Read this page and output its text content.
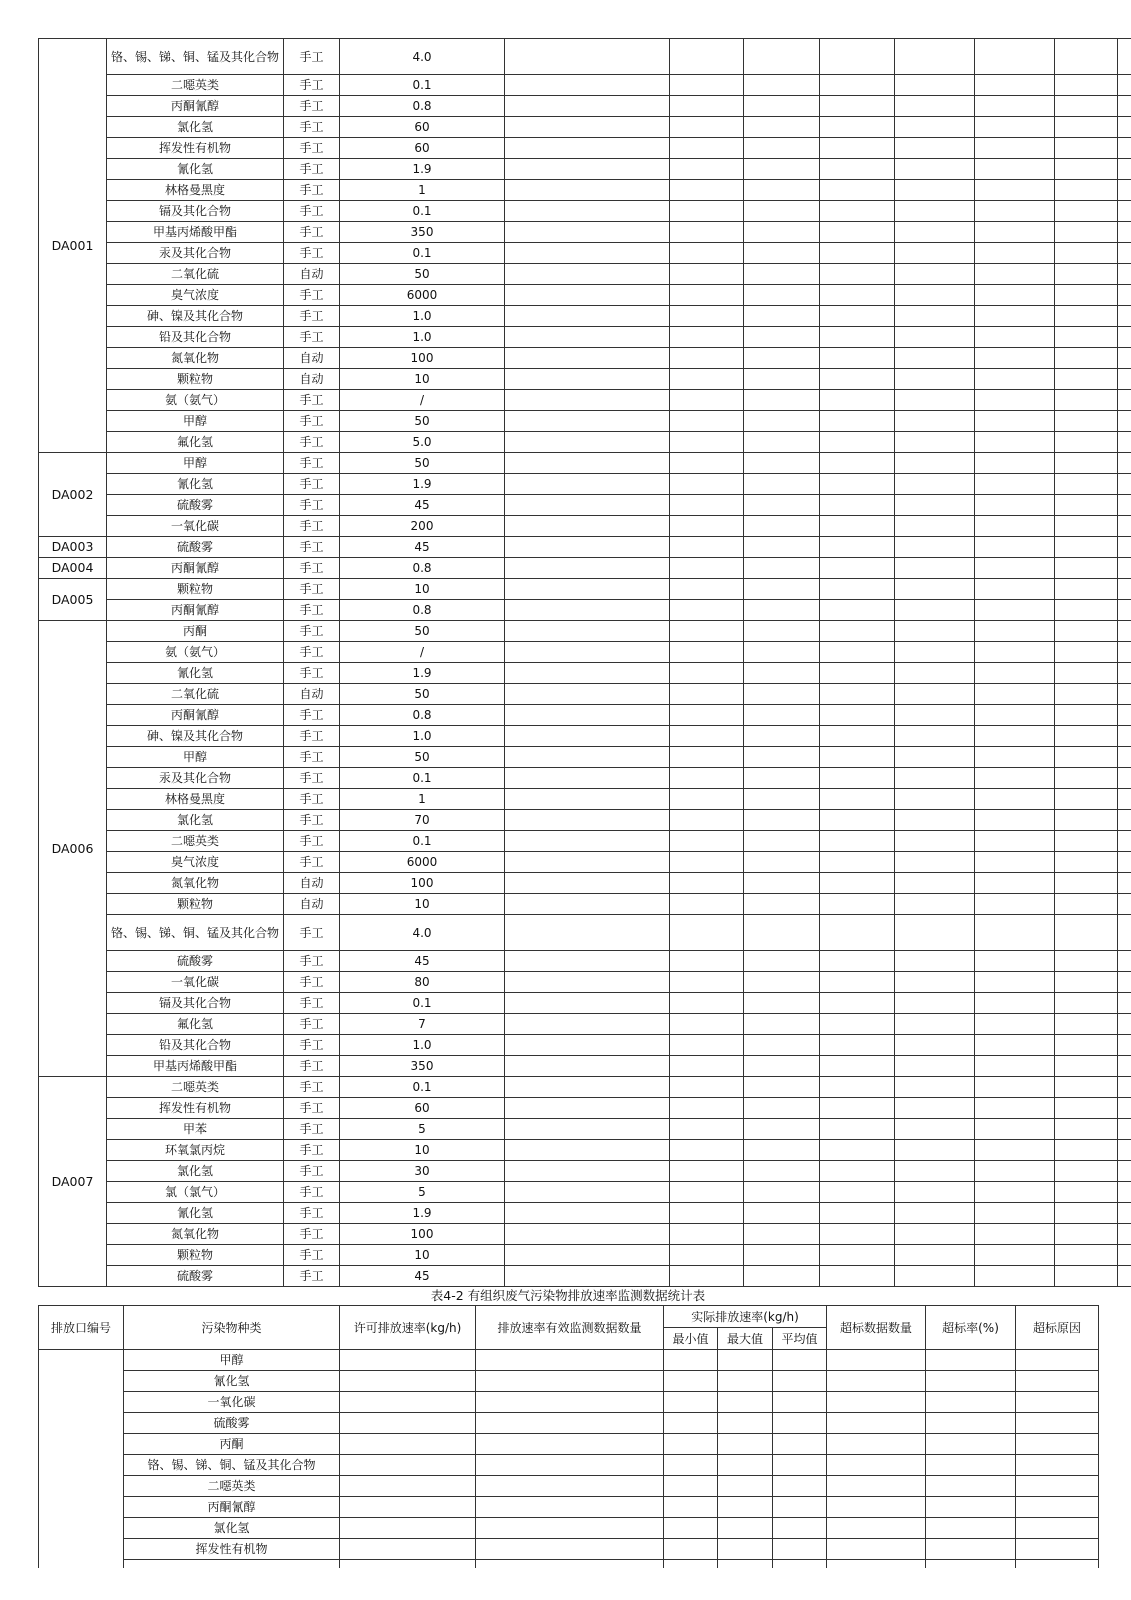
DA001	铬、锡、锑、铜、锰及其化合物	手工	4.0								
	二噁英类	手工	0.1								
	丙酮氰醇	手工	0.8								
	氯化氢	手工	60								
	挥发性有机物	手工	60								
	氰化氢	手工	1.9								
	林格曼黑度	手工	1								
	镉及其化合物	手工	0.1								
	甲基丙烯酸甲酯	手工	350								
	汞及其化合物	手工	0.1								
	二氧化硫	自动	50								
	臭气浓度	手工	6000								
	砷、镍及其化合物	手工	1.0								
	铅及其化合物	手工	1.0								
	氮氧化物	自动	100								
	颗粒物	自动	10								
	氨（氨气）	手工	/								
	甲醇	手工	50								
	氟化氢	手工	5.0								
DA002	甲醇	手工	50								
	氰化氢	手工	1.9								
	硫酸雾	手工	45								
	一氧化碳	手工	200								
DA003	硫酸雾	手工	45								
DA004	丙酮氰醇	手工	0.8								
DA005	颗粒物	手工	10								
	丙酮氰醇	手工	0.8								
DA006	丙酮	手工	50								
	氨（氨气）	手工	/								
	氰化氢	手工	1.9								
	二氧化硫	自动	50								
	丙酮氰醇	手工	0.8								
	砷、镍及其化合物	手工	1.0								
	甲醇	手工	50								
	汞及其化合物	手工	0.1								
	林格曼黑度	手工	1								
	氯化氢	手工	70								
	二噁英类	手工	0.1								
	臭气浓度	手工	6000								
	氮氧化物	自动	100								
	颗粒物	自动	10								
	铬、锡、锑、铜、锰及其化合物	手工	4.0								
	硫酸雾	手工	45								
	一氧化碳	手工	80								
	镉及其化合物	手工	0.1								
	氟化氢	手工	7								
	铅及其化合物	手工	1.0								
	甲基丙烯酸甲酯	手工	350								
DA007	二噁英类	手工	0.1								
	挥发性有机物	手工	60								
	甲苯	手工	5								
	环氧氯丙烷	手工	10								
	氯化氢	手工	30								
	氯（氯气）	手工	5								
	氰化氢	手工	1.9								
	氮氧化物	手工	100								
	颗粒物	手工	10								
	硫酸雾	手工	45								
表4-2 有组织废气污染物排放速率监测数据统计表
排放口编号	污染物种类	许可排放速率(kg/h)	排放速率有效监测数据数量	实际排放速率(kg/h)			超标数据数量	超标率(%)	超标原因
				最小值	最大值	平均值			
	甲醇								
	氰化氢								
	一氧化碳								
	硫酸雾								
	丙酮								
	铬、锡、锑、铜、锰及其化合物								
	二噁英类								
	丙酮氰醇								
	氯化氢								
	挥发性有机物								
